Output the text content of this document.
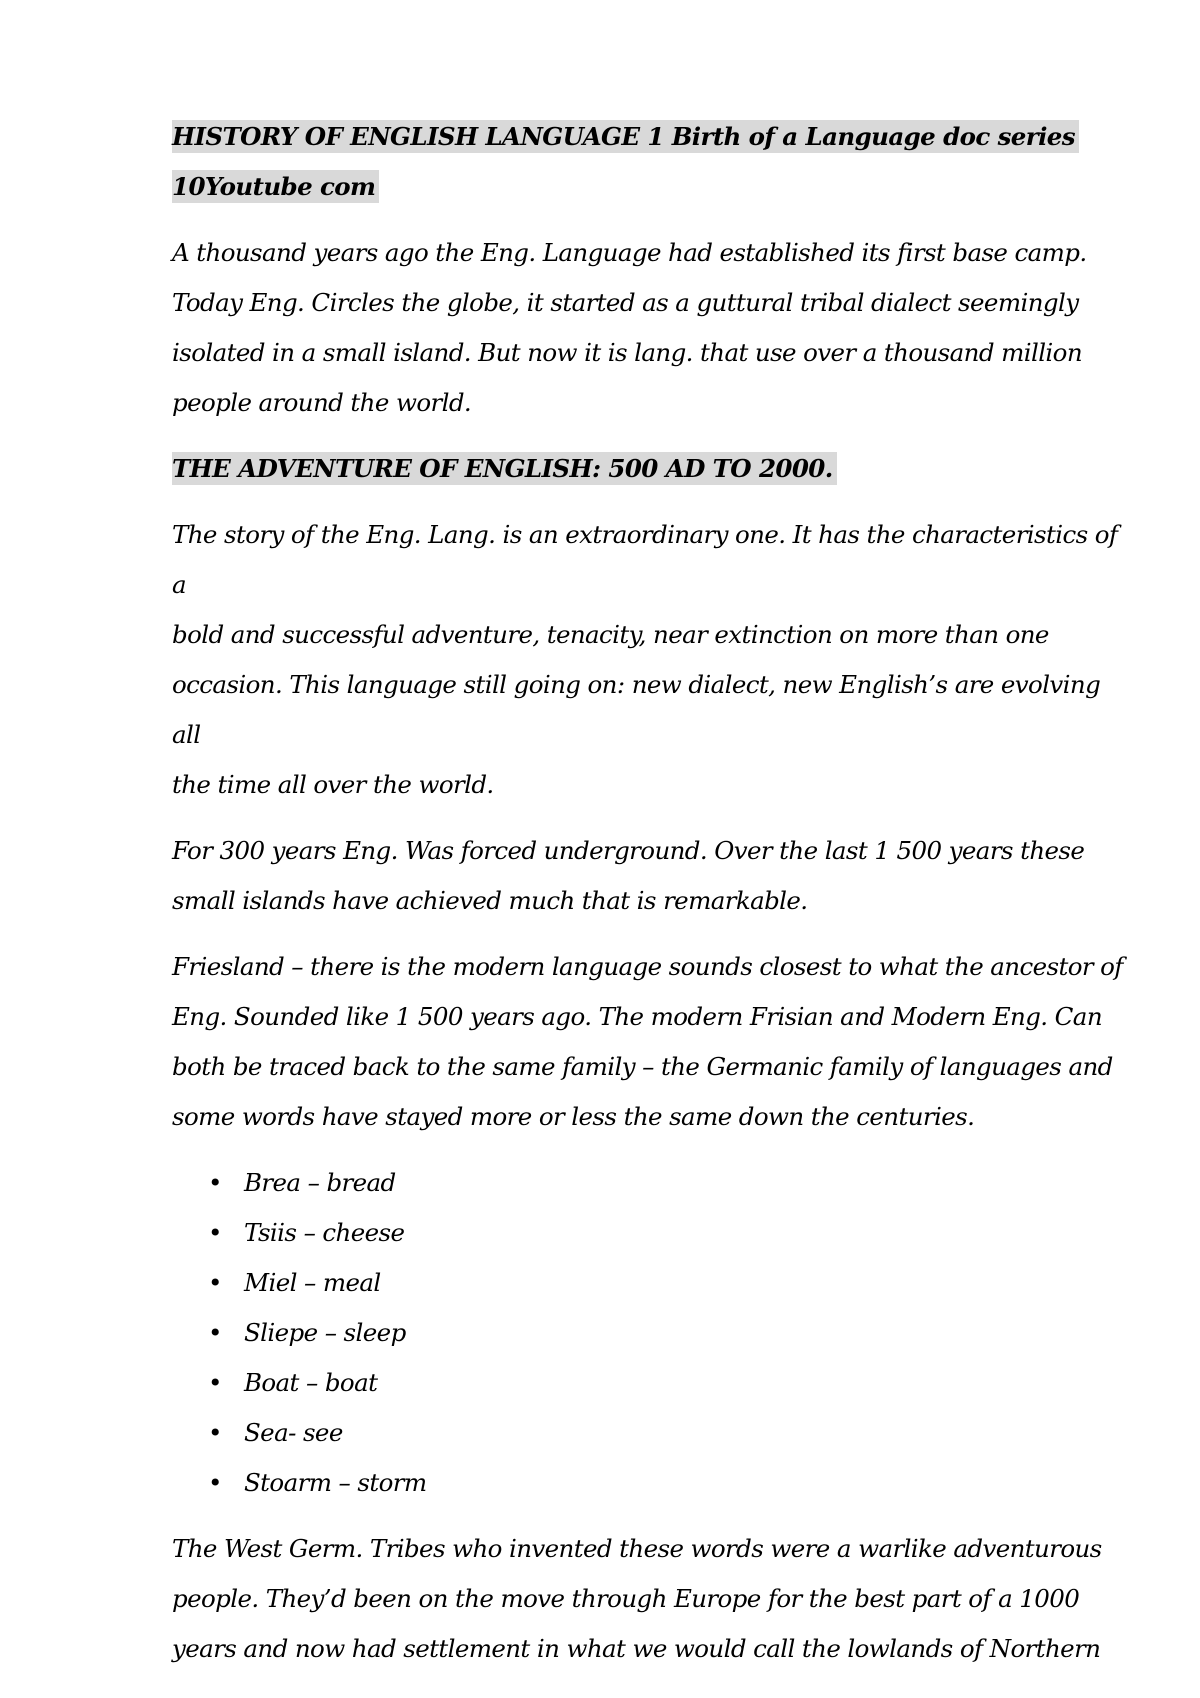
HISTORY OF ENGLISH LANGUAGE 1 Birth of a Language doc series
10Youtube com

A thousand years ago the Eng. Language had established its first base camp.
Today Eng. Circles the globe, it started as a guttural tribal dialect seemingly
isolated in a small island. But now it is lang. that use over a thousand million
people around the world.

THE ADVENTURE OF ENGLISH: 500 AD TO 2000.

The story of the Eng. Lang. is an extraordinary one. It has the characteristics of a
bold and successful adventure, tenacity, near extinction on more than one
occasion. This language still going on: new dialect, new English’s are evolving all
the time all over the world.

For 300 years Eng. Was forced underground. Over the last 1 500 years these
small islands have achieved much that is remarkable.

Friesland – there is the modern language sounds closest to what the ancestor of
Eng. Sounded like 1 500 years ago. The modern Frisian and Modern Eng. Can
both be traced back to the same family – the Germanic family of languages and
some words have stayed more or less the same down the centuries.

• Brea – bread
• Tsiis – cheese
• Miel – meal
• Sliepe – sleep
• Boat – boat
• Sea- see
• Stoarm – storm

The West Germ. Tribes who invented these words were a warlike adventurous
people. They’d been on the move through Europe for the best part of a 1000
years and now had settlement in what we would call the lowlands of Northern
